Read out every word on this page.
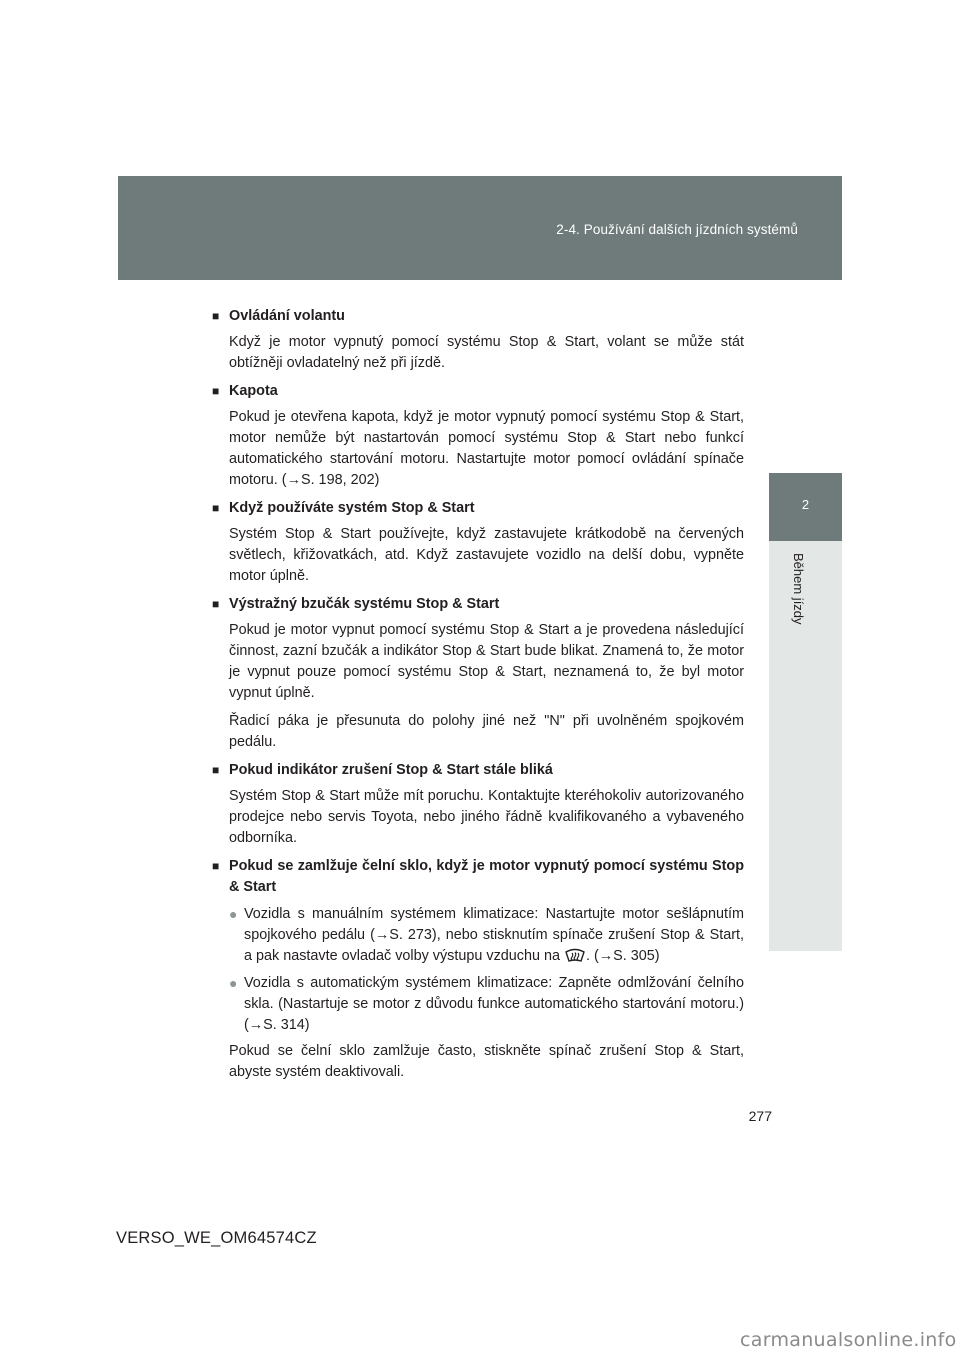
2-4. Používání dalších jízdních systémů
2
Během jízdy
■ Ovládání volantu
Když je motor vypnutý pomocí systému Stop & Start, volant se může stát obtížněji ovladatelný než při jízdě.
■ Kapota
Pokud je otevřena kapota, když je motor vypnutý pomocí systému Stop & Start, motor nemůže být nastartován pomocí systému Stop & Start nebo funkcí automatického startování motoru. Nastartujte motor pomocí ovládání spínače motoru. (→S. 198, 202)
■ Když používáte systém Stop & Start
Systém Stop & Start používejte, když zastavujete krátkodobě na červených světlech, křižovatkách, atd. Když zastavujete vozidlo na delší dobu, vypněte motor úplně.
■ Výstražný bzučák systému Stop & Start
Pokud je motor vypnut pomocí systému Stop & Start a je provedena následující činnost, zazní bzučák a indikátor Stop & Start bude blikat. Znamená to, že motor je vypnut pouze pomocí systému Stop & Start, neznamená to, že byl motor vypnut úplně.
Řadicí páka je přesunuta do polohy jiné než "N" při uvolněném spojkovém pedálu.
■ Pokud indikátor zrušení Stop & Start stále bliká
Systém Stop & Start může mít poruchu. Kontaktujte kteréhokoliv autorizovaného prodejce nebo servis Toyota, nebo jiného řádně kvalifikovaného a vybaveného odborníka.
■ Pokud se zamlžuje čelní sklo, když je motor vypnutý pomocí systému Stop & Start
● Vozidla s manuálním systémem klimatizace: Nastartujte motor sešlápnutím spojkového pedálu (→S. 273), nebo stisknutím spínače zrušení Stop & Start, a pak nastavte ovladač volby výstupu vzduchu na . (→S. 305)
● Vozidla s automatickým systémem klimatizace: Zapněte odmlžování čelního skla. (Nastartuje se motor z důvodu funkce automatického startování motoru.) (→S. 314)
Pokud se čelní sklo zamlžuje často, stiskněte spínač zrušení Stop & Start, abyste systém deaktivovali.
277
VERSO_WE_OM64574CZ
carmanualsonline.info
